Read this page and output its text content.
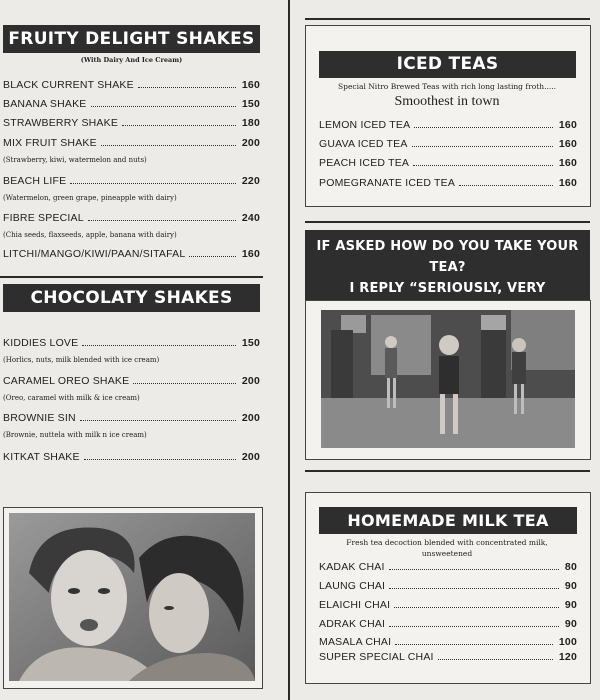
FRUITY DELIGHT SHAKES
(With Dairy And Ice Cream)
BLACK CURRENT SHAKE	160
BANANA SHAKE	150
STRAWBERRY SHAKE	180
MIX FRUIT SHAKE	200
(Strawberry, kiwi, watermelon and nuts)
BEACH LIFE	220
(Watermelon, green grape, pineapple with dairy)
FIBRE SPECIAL	240
(Chia seeds, flaxseeds, apple, banana with dairy)
LITCHI/MANGO/KIWI/PAAN/SITAFAL	160
CHOCOLATY SHAKES
KIDDIES LOVE	150
(Horlics, nuts, milk blended with ice cream)
CARAMEL OREO SHAKE	200
(Oreo, caramel with milk & ice cream)
BROWNIE SIN	200
(Brownie, nuttela with milk n ice cream)
KITKAT SHAKE	200
ICED TEAS
Special Nitro Brewed Teas with rich long lasting froth.....
Smoothest in town
LEMON ICED TEA	160
GUAVA ICED TEA	160
PEACH ICED TEA	160
POMEGRANATE ICED TEA	160
IF ASKED HOW DO YOU TAKE YOUR TEA?
I REPLY “SERIOUSLY, VERY
HOMEMADE MILK TEA
Fresh tea decoction blended with concentrated milk,
unsweetened
KADAK CHAI	80
LAUNG CHAI	90
ELAICHI CHAI	90
ADRAK CHAI	90
MASALA CHAI	100
SUPER SPECIAL CHAI	120
